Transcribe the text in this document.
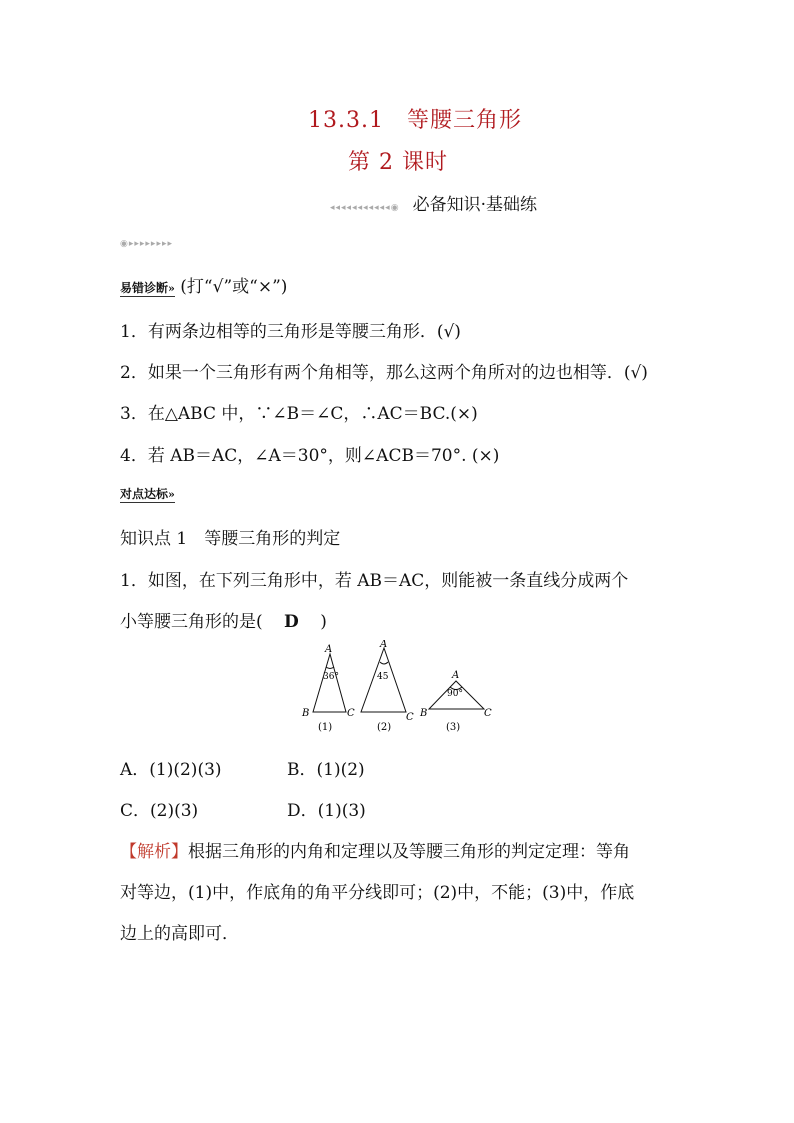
13.3.1　等腰三角形
第 2 课时
◂◂◂◂◂◂◂◂◂◂◂◉ 必备知识·基础练
◉▸▸▸▸▸▸▸▸
易错诊断» (打“√”或“×”)
1．有两条边相等的三角形是等腰三角形．(√)
2．如果一个三角形有两个角相等，那么这两个角所对的边也相等．(√)
3．在△ABC 中，∵∠B＝∠C，∴AC＝BC.(×)
4．若 AB＝AC，∠A＝30°，则∠ACB＝70°. (×)
对点达标»
知识点 1　等腰三角形的判定
1．如图，在下列三角形中，若 AB＝AC，则能被一条直线分成两个
小等腰三角形的是( D )
A
B	C
36°
(1)
A
C
45
(2)
A
B	C
90°
(3)
A．(1)(2)(3)	B．(1)(2)
C．(2)(3)	D．(1)(3)
【解析】根据三角形的内角和定理以及等腰三角形的判定定理：等角
对等边，(1)中，作底角的角平分线即可；(2)中，不能；(3)中，作底
边上的高即可．
